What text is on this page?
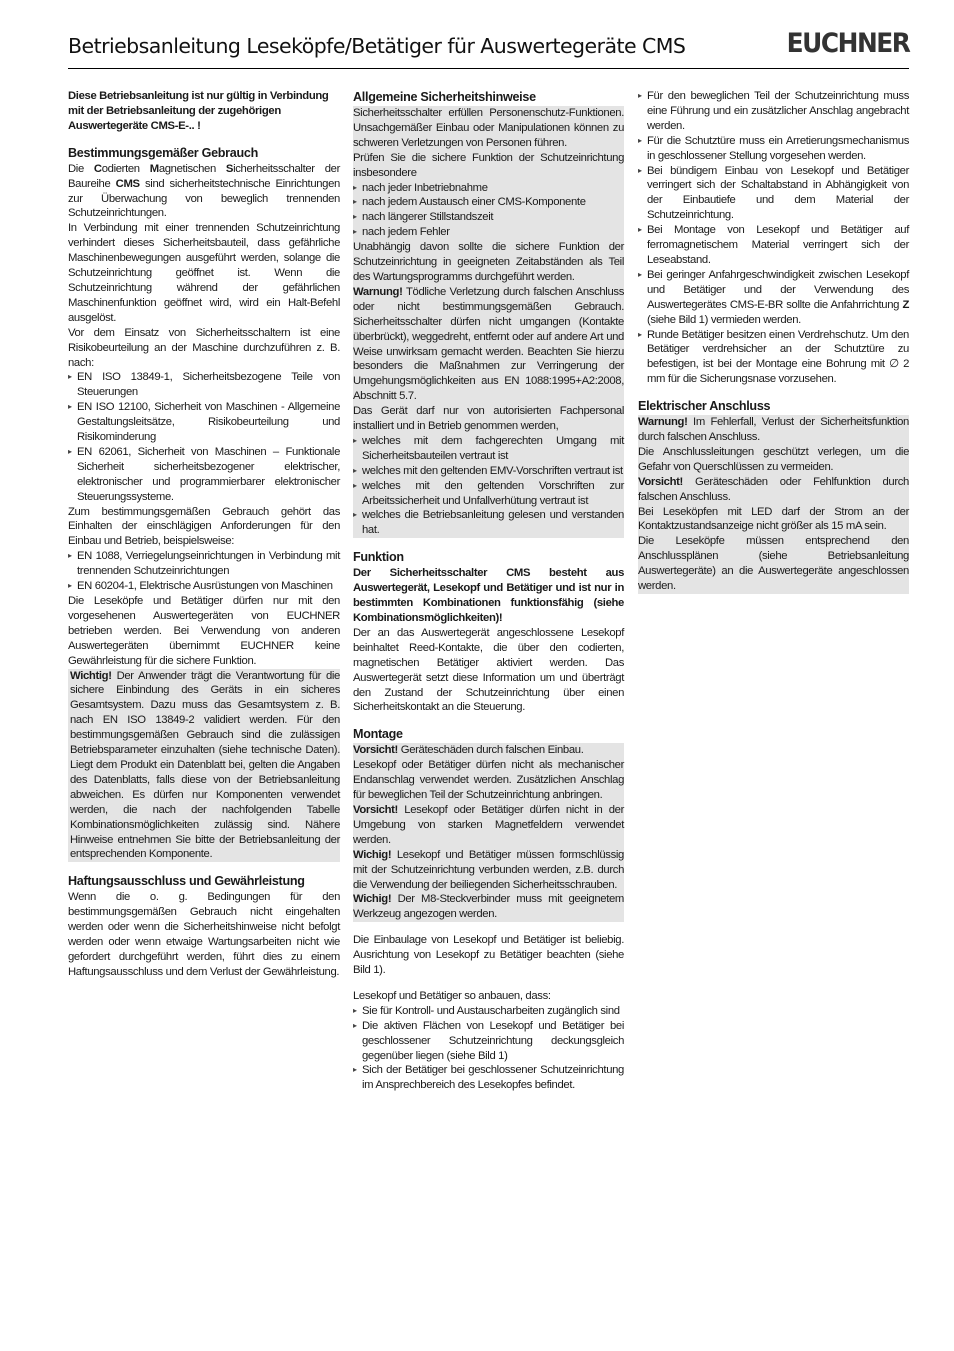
Betriebsanleitung Leseköpfe/Betätiger für Auswertegeräte CMS	EUCHNER

Diese Betriebsanleitung ist nur gültig in Verbindung mit der Betriebsanleitung der zugehörigen Auswertegeräte CMS-E-.. !

Bestimmungsgemäßer Gebrauch

Die Codierten Magnetischen Sicherheitsschalter der Baureihe CMS sind sicherheitstechnische Einrichtungen zur Überwachung von beweglich trennenden Schutzeinrichtungen.

In Verbindung mit einer trennenden Schutzeinrichtung verhindert dieses Sicherheitsbauteil, dass gefährliche Maschinenbewegungen ausgeführt werden, solange die Schutzeinrichtung geöffnet ist. Wenn die Schutzeinrichtung während der gefährlichen Maschinenfunktion geöffnet wird, wird ein Halt-Befehl ausgelöst.

Vor dem Einsatz von Sicherheitsschaltern ist eine Risikobeurteilung an der Maschine durchzuführen z. B. nach:

▸ EN ISO 13849-1, Sicherheitsbezogene Teile von Steuerungen
▸ EN ISO 12100, Sicherheit von Maschinen - Allgemeine Gestaltungsleitsätze, Risikobeurteilung und Risikominderung
▸ EN 62061, Sicherheit von Maschinen – Funktionale Sicherheit sicherheitsbezogener elektrischer, elektronischer und programmierbarer elektronischer Steuerungssysteme.

Zum bestimmungsgemäßen Gebrauch gehört das Einhalten der einschlägigen Anforderungen für den Einbau und Betrieb, beispielsweise:

▸ EN 1088, Verriegelungseinrichtungen in Verbindung mit trennenden Schutzeinrichtungen
▸ EN 60204-1, Elektrische Ausrüstungen von Maschinen

Die Leseköpfe und Betätiger dürfen nur mit den vorgesehenen Auswertegeräten von EUCHNER betrieben werden. Bei Verwendung von anderen Auswertegeräten übernimmt EUCHNER keine Gewährleistung für die sichere Funktion.

Wichtig! Der Anwender trägt die Verantwortung für die sichere Einbindung des Geräts in ein sicheres Gesamtsystem. Dazu muss das Gesamtsystem z. B. nach EN ISO 13849-2 validiert werden. Für den bestimmungsgemäßen Gebrauch sind die zulässigen Betriebsparameter einzuhalten (siehe technische Daten). Liegt dem Produkt ein Datenblatt bei, gelten die Angaben des Datenblatts, falls diese von der Betriebsanleitung abweichen. Es dürfen nur Komponenten verwendet werden, die nach der nachfolgenden Tabelle Kombinationsmöglichkeiten zulässig sind. Nähere Hinweise entnehmen Sie bitte der Betriebsanleitung der entsprechenden Komponente.

Haftungsausschluss und Gewährleistung

Wenn die o. g. Bedingungen für den bestimmungsgemäßen Gebrauch nicht eingehalten werden oder wenn die Sicherheitshinweise nicht befolgt werden oder wenn etwaige Wartungsarbeiten nicht wie gefordert durchgeführt werden, führt dies zu einem Haftungsausschluss und dem Verlust der Gewährleistung.

Allgemeine Sicherheitshinweise

Sicherheitsschalter erfüllen Personenschutz-Funktionen. Unsachgemäßer Einbau oder Manipulationen können zu schweren Verletzungen von Personen führen.

Prüfen Sie die sichere Funktion der Schutzeinrichtung insbesondere

▸ nach jeder Inbetriebnahme
▸ nach jedem Austausch einer CMS-Komponente
▸ nach längerer Stillstandszeit
▸ nach jedem Fehler

Unabhängig davon sollte die sichere Funktion der Schutzeinrichtung in geeigneten Zeitabständen als Teil des Wartungsprogramms durchgeführt werden.

Warnung! Tödliche Verletzung durch falschen Anschluss oder nicht bestimmungsgemäßen Gebrauch. Sicherheitsschalter dürfen nicht umgangen (Kontakte überbrückt), weggedreht, entfernt oder auf andere Art und Weise unwirksam gemacht werden. Beachten Sie hierzu besonders die Maßnahmen zur Verringerung der Umgehungsmöglichkeiten aus EN 1088:1995+A2:2008, Abschnitt 5.7.

Das Gerät darf nur von autorisierten Fachpersonal installiert und in Betrieb genommen werden,

▸ welches mit dem fachgerechten Umgang mit Sicherheitsbauteilen vertraut ist
▸ welches mit den geltenden EMV-Vorschriften vertraut ist
▸ welches mit den geltenden Vorschriften zur Arbeitssicherheit und Unfallverhütung vertraut ist
▸ welches die Betriebsanleitung gelesen und verstanden hat.
Funktion

Der Sicherheitsschalter CMS besteht aus Auswertegerät, Lesekopf und Betätiger und ist nur in bestimmten Kombinationen funktionsfähig (siehe Kombinationsmöglichkeiten)!

Der an das Auswertegerät angeschlossene Lesekopf beinhaltet Reed-Kontakte, die über den codierten, magnetischen Betätiger aktiviert werden. Das Auswertegerät setzt diese Information um und überträgt den Zustand der Schutzeinrichtung über einen Sicherheitskontakt an die Steuerung.

Montage

Vorsicht! Geräteschäden durch falschen Einbau.

Lesekopf oder Betätiger dürfen nicht als mechanischer Endanschlag verwendet werden. Zusätzlichen Anschlag für beweglichen Teil der Schutzeinrichtung anbringen.

Vorsicht! Lesekopf oder Betätiger dürfen nicht in der Umgebung von starken Magnetfeldern verwendet werden.

Wichig! Lesekopf und Betätiger müssen formschlüssig mit der Schutzeinrichtung verbunden werden, z.B. durch die Verwendung der beiliegenden Sicherheitsschrauben.

Wichig! Der M8-Steckverbinder muss mit geeignetem Werkzeug angezogen werden.

Die Einbaulage von Lesekopf und Betätiger ist beliebig. Ausrichtung von Lesekopf zu Betätiger beachten (siehe Bild 1).

Lesekopf und Betätiger so anbauen, dass:

▸ Sie für Kontroll- und Austauscharbeiten zugänglich sind
▸ Die aktiven Flächen von Lesekopf und Betätiger bei geschlossener Schutzeinrichtung deckungsgleich gegenüber liegen (siehe Bild 1)
▸ Sich der Betätiger bei geschlossener Schutzeinrichtung im Ansprechbereich des Lesekopfes befindet.
▸ Für den beweglichen Teil der Schutzeinrichtung muss eine Führung und ein zusätzlicher Anschlag angebracht werden.
▸ Für die Schutztüre muss ein Arretierungsmechanismus in geschlossener Stellung vorgesehen werden.
▸ Bei bündigem Einbau von Lesekopf und Betätiger verringert sich der Schaltabstand in Abhängigkeit von der Einbautiefe und dem Material der Schutzeinrichtung.
▸ Bei Montage von Lesekopf und Betätiger auf ferromagnetischem Material verringert sich der Leseabstand.
▸ Bei geringer Anfahrgeschwindigkeit zwischen Lesekopf und Betätiger und der Verwendung des Auswertegerätes CMS-E-BR sollte die Anfahrrichtung Z (siehe Bild 1) vermieden werden.
▸ Runde Betätiger besitzen einen Verdrehschutz. Um den Betätiger verdrehsicher an der Schutztüre zu befestigen, ist bei der Montage eine Bohrung mit ∅ 2 mm für die Sicherungsnase vorzusehen.
Elektrischer Anschluss

Warnung! Im Fehlerfall, Verlust der Sicherheitsfunktion durch falschen Anschluss.

Die Anschlussleitungen geschützt verlegen, um die Gefahr von Querschlüssen zu vermeiden.

Vorsicht! Geräteschäden oder Fehlfunktion durch falschen Anschluss.

Bei Leseköpfen mit LED darf der Strom an der Kontaktzustandsanzeige nicht größer als 15 mA sein.

Die Leseköpfe müssen entsprechend den Anschlussplänen (siehe Betriebsanleitung Auswertegeräte) an die Auswertegeräte angeschlossen werden.
